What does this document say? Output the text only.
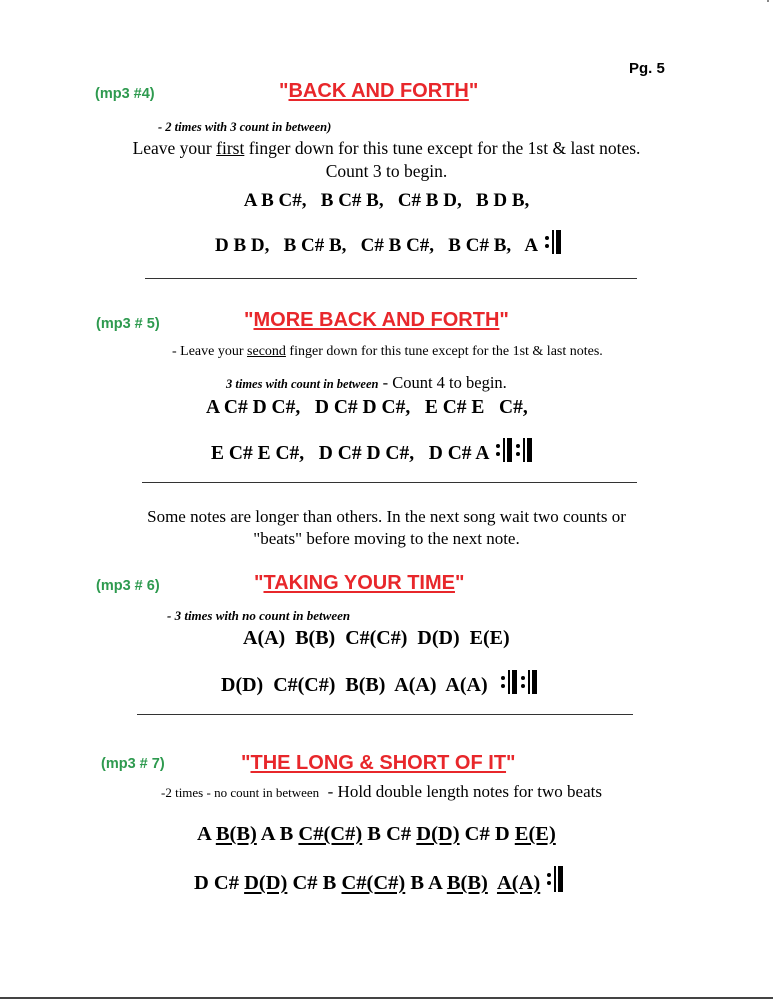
Pg. 5
(mp3 #4)	"BACK AND FORTH"
- 2 times with 3 count in between)
Leave your first finger down for this tune except for the 1st & last notes.
Count 3 to begin.
A B C#,   B C# B,   C# B D,   B D B,
D B D,   B C# B,   C# B C#,   B C# B,   A
(mp3 # 5)	"MORE BACK AND FORTH"
- Leave your second finger down for this tune except for the 1st & last notes.
3 times with count in between - Count 4 to begin.
A C# D C#,   D C# D C#,   E C# E   C#,
E C# E C#,   D C# D C#,   D C# A
Some notes are longer than others. In the next song wait two counts or
"beats" before moving to the next note.
(mp3 # 6)	"TAKING YOUR TIME"
- 3 times with no count in between
A(A)  B(B)  C#(C#)  D(D)  E(E)
D(D)  C#(C#)  B(B)  A(A)  A(A)
(mp3 # 7)	"THE LONG & SHORT OF IT"
-2 times - no count in between  - Hold double length notes for two beats
A B(B) A B C#(C#) B C# D(D) C# D E(E)
D C# D(D) C# B C#(C#) B A B(B) A(A)
